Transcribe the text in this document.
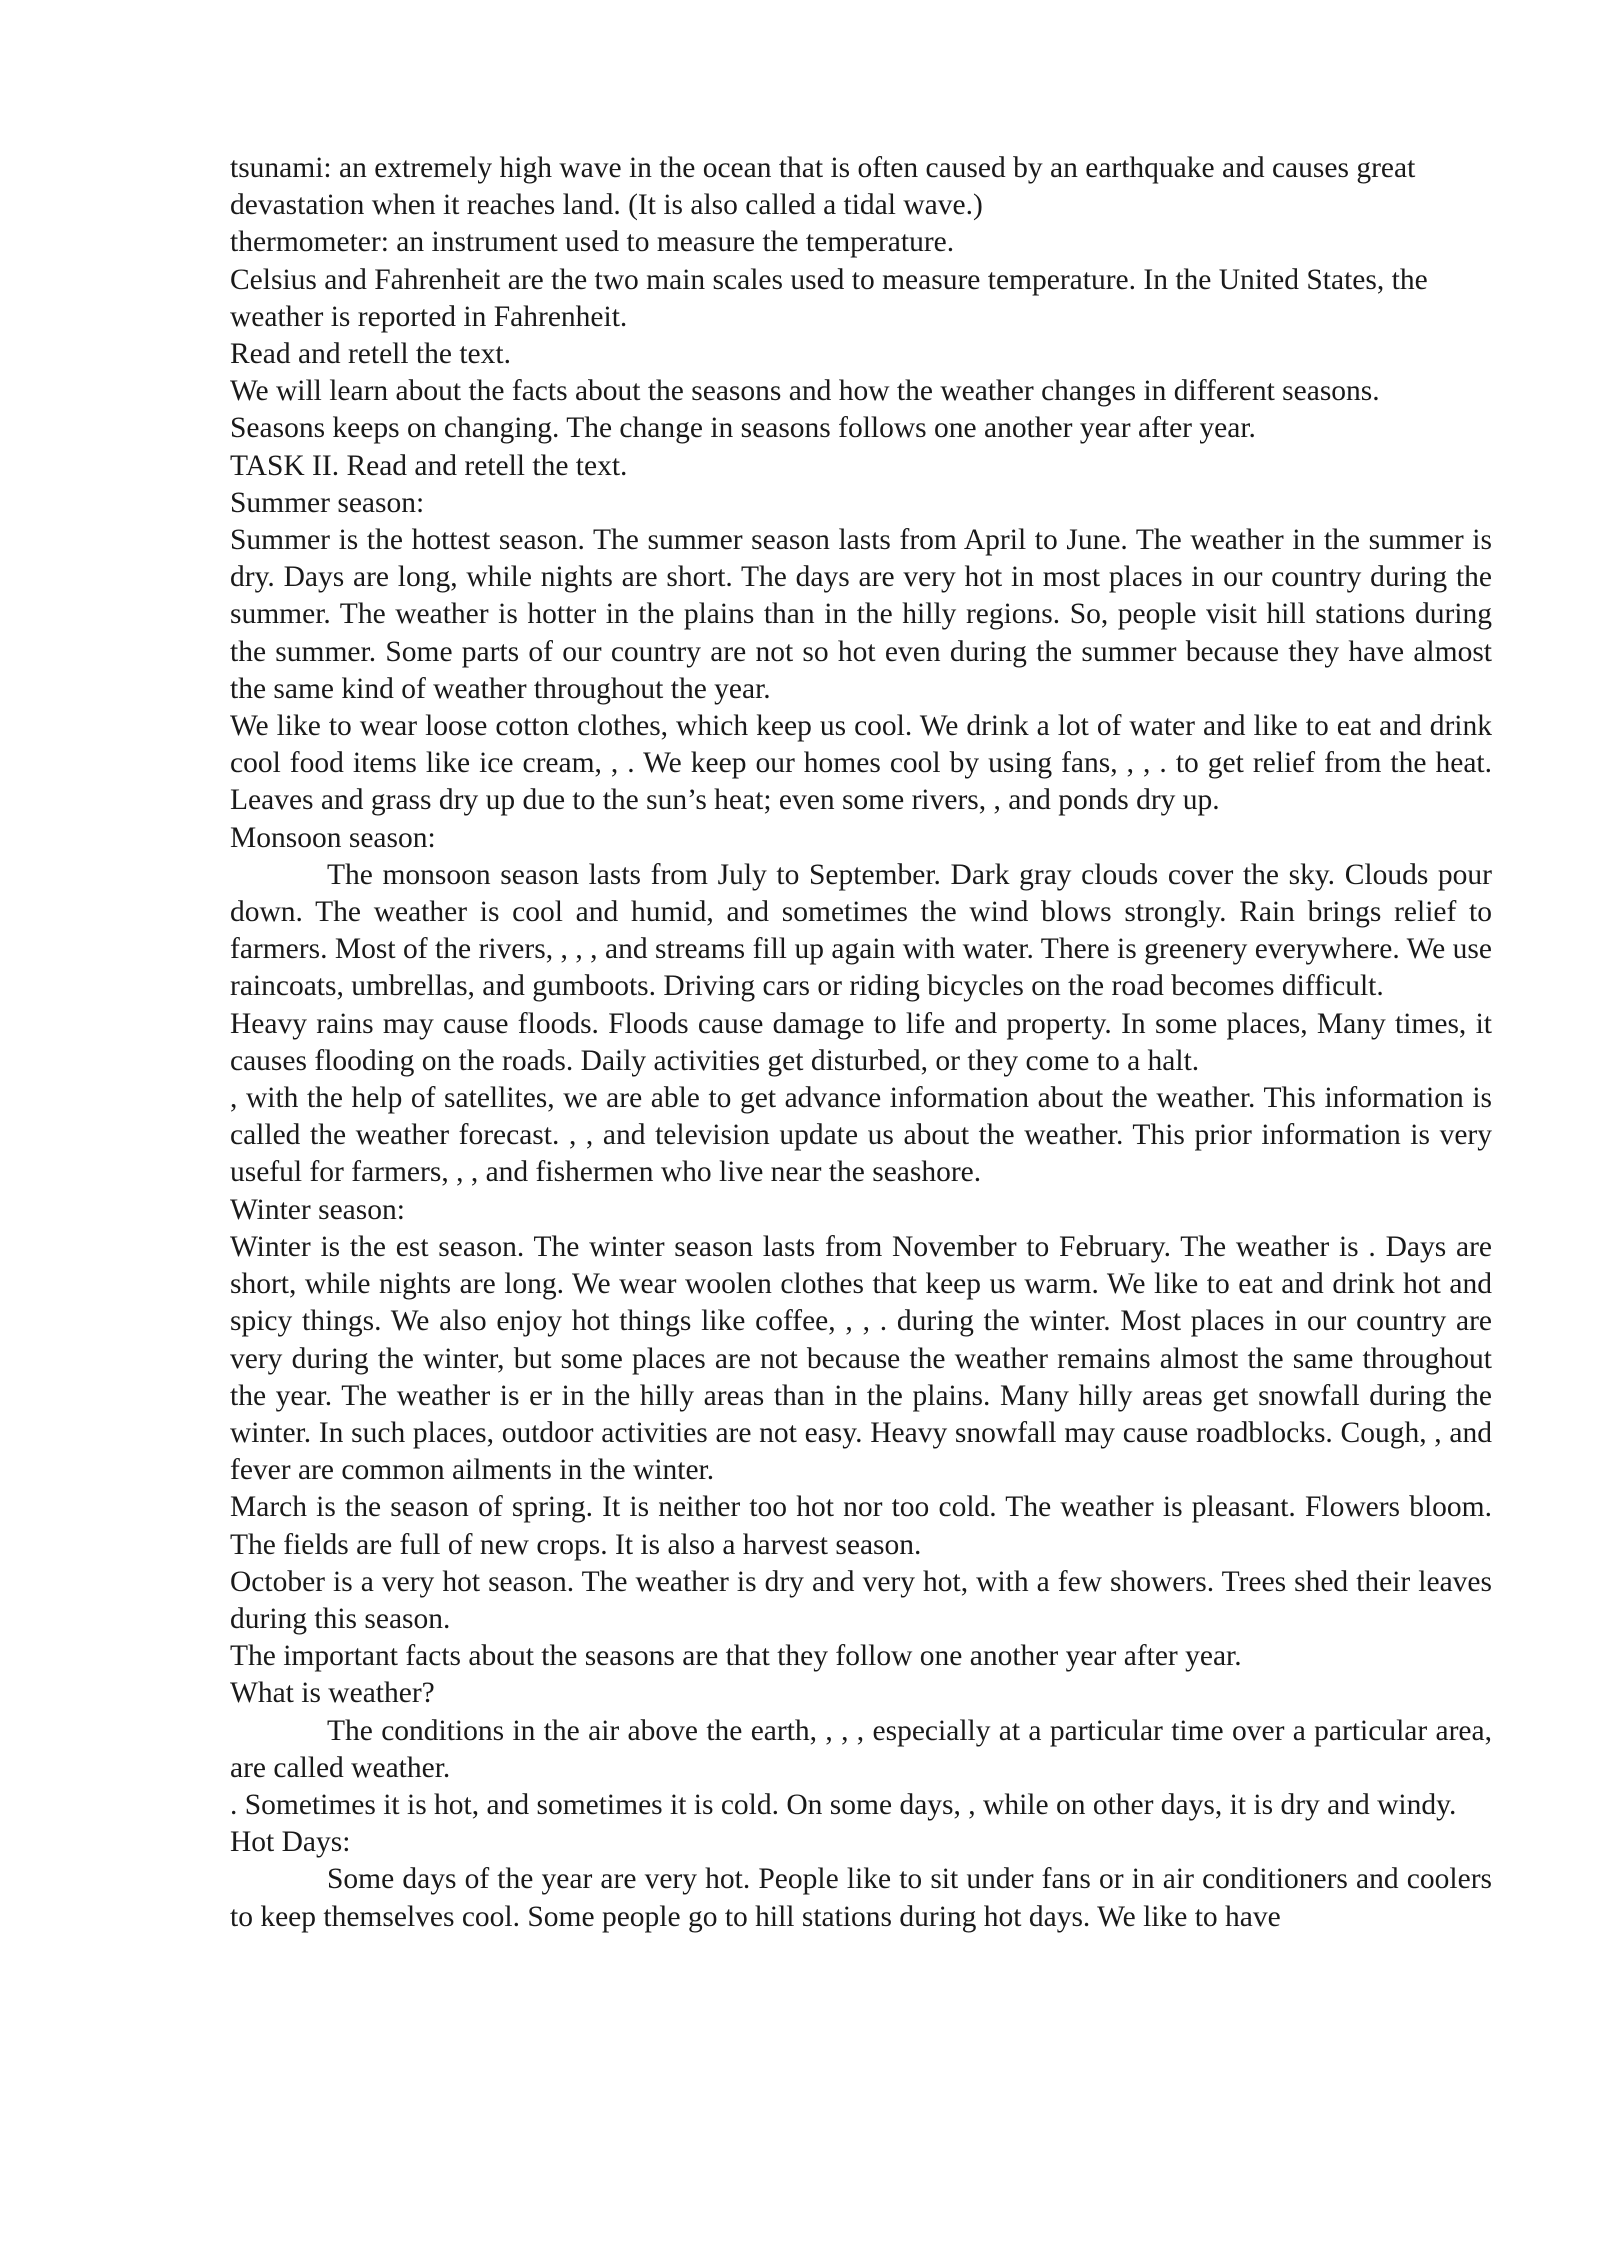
tsunami: an extremely high wave in the ocean that is often caused by an earthquake and causes great devastation when it reaches land. (It is also called a tidal wave.)

thermometer: an instrument used to measure the temperature.

Celsius and Fahrenheit are the two main scales used to measure temperature. In the United States, the weather is reported in Fahrenheit.

Read and retell the text.

We will learn about the facts about the seasons and how the weather changes in different seasons.

Seasons keeps on changing. The change in seasons follows one another year after year.

TASK II. Read and retell the text.

Summer season:

Summer is the hottest season. The summer season lasts from April to June. The weather in the summer is dry. Days are long, while nights are short. The days are very hot in most places in our country during the summer. The weather is hotter in the plains than in the hilly regions. So, people visit hill stations during the summer. Some parts of our country are not so hot even during the summer because they have almost the same kind of weather throughout the year.

We like to wear loose cotton clothes, which keep us cool. We drink a lot of water and like to eat and drink cool food items like ice cream, , . We keep our homes cool by using fans, , , . to get relief from the heat. Leaves and grass dry up due to the sun’s heat; even some rivers, , and ponds dry up.

Monsoon season:

The monsoon season lasts from July to September. Dark gray clouds cover the sky. Clouds pour down. The weather is cool and humid, and sometimes the wind blows strongly. Rain brings relief to farmers. Most of the rivers, , , , and streams fill up again with water. There is greenery everywhere. We use raincoats, umbrellas, and gumboots. Driving cars or riding bicycles on the road becomes difficult.

Heavy rains may cause floods. Floods cause damage to life and property. In some places, Many times, it causes flooding on the roads. Daily activities get disturbed, or they come to a halt.

, with the help of satellites, we are able to get advance information about the weather. This information is called the weather forecast. , , and television update us about the weather. This prior information is very useful for farmers, , , and fishermen who live near the seashore.

Winter season:

Winter is the est season. The winter season lasts from November to February. The weather is . Days are short, while nights are long. We wear woolen clothes that keep us warm. We like to eat and drink hot and spicy things. We also enjoy hot things like coffee, , , . during the winter. Most places in our country are very during the winter, but some places are not because the weather remains almost the same throughout the year. The weather is er in the hilly areas than in the plains. Many hilly areas get snowfall during the winter. In such places, outdoor activities are not easy. Heavy snowfall may cause roadblocks. Cough, , and fever are common ailments in the winter.

March is the season of spring. It is neither too hot nor too cold. The weather is pleasant. Flowers bloom. The fields are full of new crops. It is also a harvest season.

October is a very hot season. The weather is dry and very hot, with a few showers. Trees shed their leaves during this season.

The important facts about the seasons are that they follow one another year after year.

What is weather?

The conditions in the air above the earth, , , , especially at a particular time over a particular area, are called weather.

. Sometimes it is hot, and sometimes it is cold. On some days, , while on other days, it is dry and windy.

Hot Days:

Some days of the year are very hot. People like to sit under fans or in air conditioners and coolers to keep themselves cool. Some people go to hill stations during hot days. We like to have
